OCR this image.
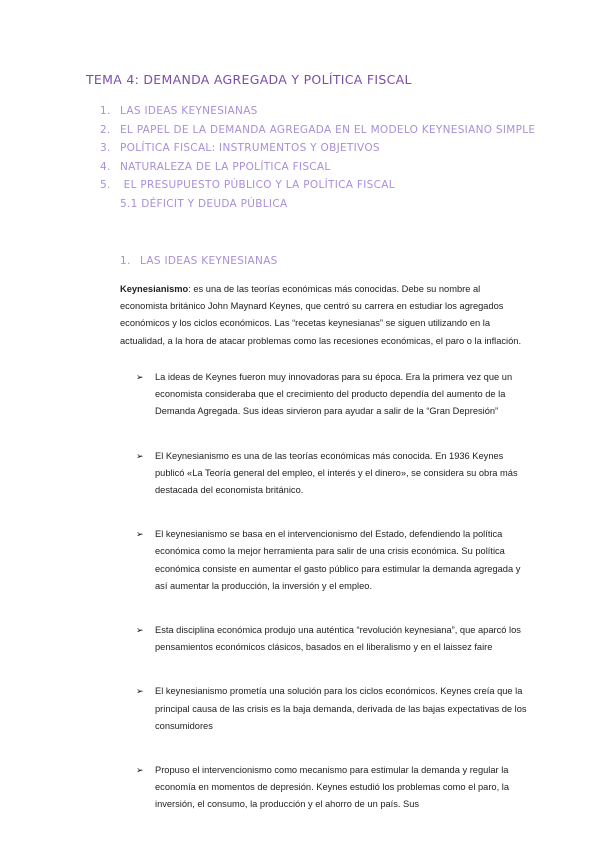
TEMA 4: DEMANDA AGREGADA Y POLÍTICA FISCAL
1. LAS IDEAS KEYNESIANAS
2. EL PAPEL DE LA DEMANDA AGREGADA EN EL MODELO KEYNESIANO SIMPLE
3. POLÍTICA FISCAL: INSTRUMENTOS Y OBJETIVOS
4. NATURALEZA DE LA PPOLÍTICA FISCAL
5. EL PRESUPUESTO PÚBLICO Y LA POLÍTICA FISCAL
5.1 DÉFICIT Y DEUDA PÚBLICA
1. LAS IDEAS KEYNESIANAS

Keynesianismo: es una de las teorías económicas más conocidas. Debe su nombre al economista británico John Maynard Keynes, que centró su carrera en estudiar los agregados económicos y los ciclos económicos. Las “recetas keynesianas” se siguen utilizando en la actualidad, a la hora de atacar problemas como las recesiones económicas, el paro o la inflación.

➢ La ideas de Keynes fueron muy innovadoras para su época. Era la primera vez que un economista consideraba que el crecimiento del producto dependía del aumento de la Demanda Agregada. Sus ideas sirvieron para ayudar a salir de la “Gran Depresión”
➢ El Keynesianismo es una de las teorías económicas más conocida. En 1936 Keynes publicó «La Teoría general del empleo, el interés y el dinero», se considera su obra más destacada del economista británico.
➢ El keynesianismo se basa en el intervencionismo del Estado, defendiendo la política económica como la mejor herramienta para salir de una crisis económica. Su política económica consiste en aumentar el gasto público para estimular la demanda agregada y así aumentar la producción, la inversión y el empleo.
➢ Esta disciplina económica produjo una auténtica “revolución keynesiana”, que aparcó los pensamientos económicos clásicos, basados en el liberalismo y en el laissez faire
➢ El keynesianismo prometía una solución para los ciclos económicos. Keynes creía que la principal causa de las crisis es la baja demanda, derivada de las bajas expectativas de los consumidores
➢ Propuso el intervencionismo como mecanismo para estimular la demanda y regular la economía en momentos de depresión. Keynes estudió los problemas como el paro, la inversión, el consumo, la producción y el ahorro de un país. Sus
